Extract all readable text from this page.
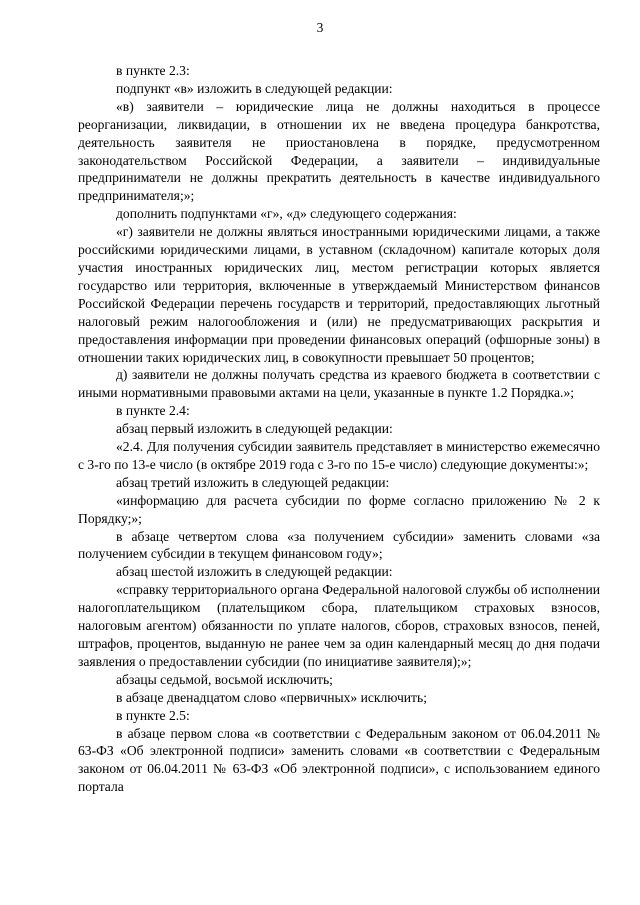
3

в пункте 2.3:

подпункт «в» изложить в следующей редакции:

«в) заявители – юридические лица не должны находиться в процессе реорганизации, ликвидации, в отношении их не введена процедура банкротства, деятельность заявителя не приостановлена в порядке, предусмотренном законодательством Российской Федерации, а заявители – индивидуальные предприниматели не должны прекратить деятельность в качестве индивидуального предпринимателя;»;

дополнить подпунктами «г», «д» следующего содержания:

«г) заявители не должны являться иностранными юридическими лицами, а также российскими юридическими лицами, в уставном (складочном) капитале которых доля участия иностранных юридических лиц, местом регистрации которых является государство или территория, включенные в утверждаемый Министерством финансов Российской Федерации перечень государств и территорий, предоставляющих льготный налоговый режим налогообложения и (или) не предусматривающих раскрытия и предоставления информации при проведении финансовых операций (офшорные зоны) в отношении таких юридических лиц, в совокупности превышает 50 процентов;

д) заявители не должны получать средства из краевого бюджета в соответствии с иными нормативными правовыми актами на цели, указанные в пункте 1.2 Порядка.»;

в пункте 2.4:

абзац первый изложить в следующей редакции:

«2.4. Для получения субсидии заявитель представляет в министерство ежемесячно с 3-го по 13-е число (в октябре 2019 года с 3-го по 15-е число) следующие документы:»;

абзац третий изложить в следующей редакции:

«информацию для расчета субсидии по форме согласно приложению № 2 к Порядку;»;

в абзаце четвертом слова «за получением субсидии» заменить словами «за получением субсидии в текущем финансовом году»;

абзац шестой изложить в следующей редакции:

«справку территориального органа Федеральной налоговой службы об исполнении налогоплательщиком (плательщиком сбора, плательщиком страховых взносов, налоговым агентом) обязанности по уплате налогов, сборов, страховых взносов, пеней, штрафов, процентов, выданную не ранее чем за один календарный месяц до дня подачи заявления о предоставлении субсидии (по инициативе заявителя);»;

абзацы седьмой, восьмой исключить;

в абзаце двенадцатом слово «первичных» исключить;

в пункте 2.5:

в абзаце первом слова «в соответствии с Федеральным законом от 06.04.2011 № 63-ФЗ «Об электронной подписи» заменить словами «в соответствии с Федеральным законом от 06.04.2011 № 63-ФЗ «Об электронной подписи», с использованием единого портала
